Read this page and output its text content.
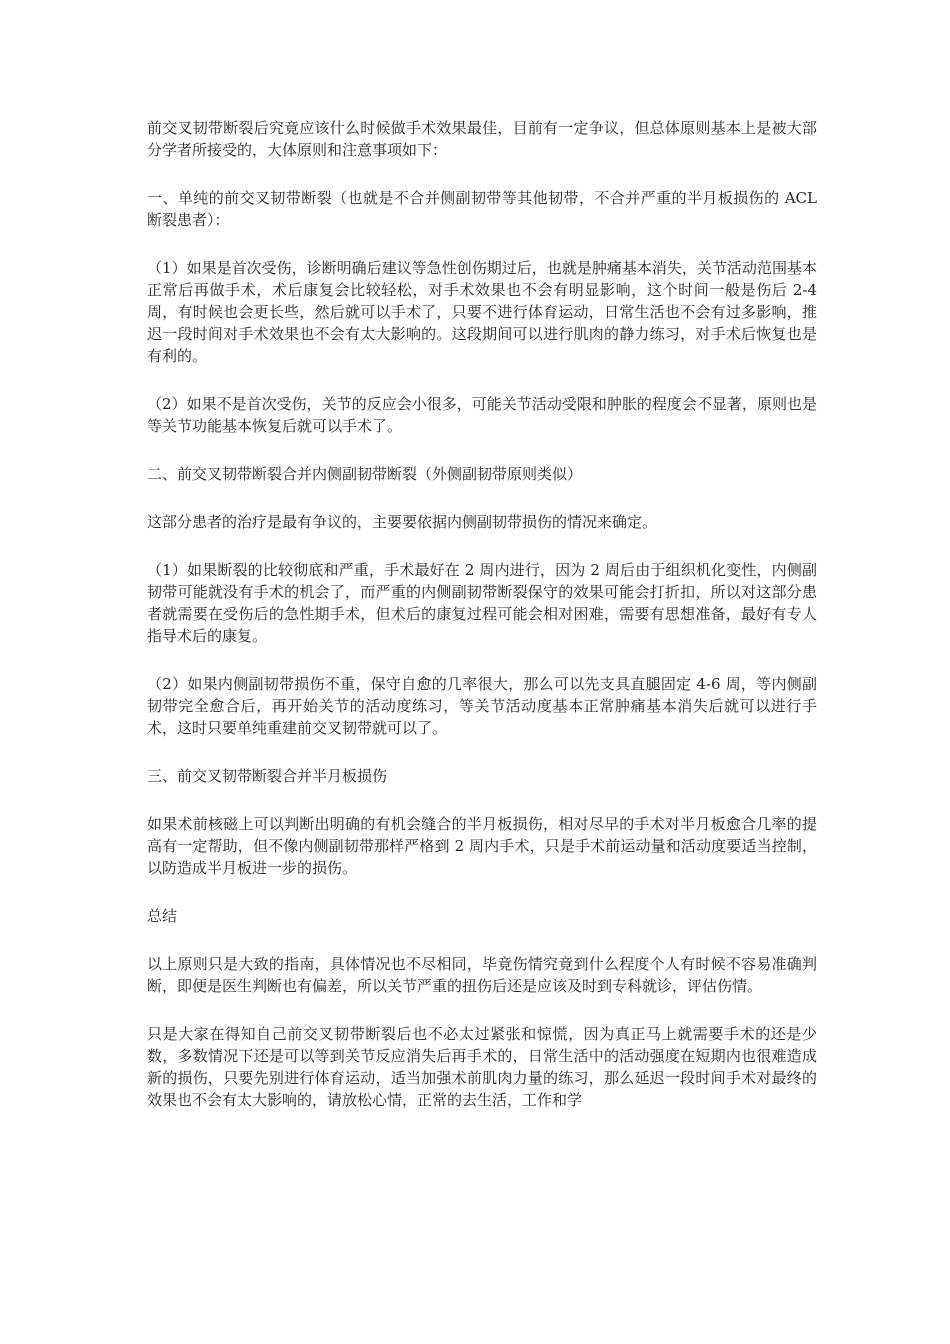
前交叉韧带断裂后究竟应该什么时候做手术效果最佳，目前有一定争议，但总体原则基本上是被大部分学者所接受的，大体原则和注意事项如下：

一、单纯的前交叉韧带断裂（也就是不合并侧副韧带等其他韧带，不合并严重的半月板损伤的 ACL 断裂患者）：

（1）如果是首次受伤，诊断明确后建议等急性创伤期过后，也就是肿痛基本消失，关节活动范围基本正常后再做手术，术后康复会比较轻松，对手术效果也不会有明显影响，这个时间一般是伤后 2-4 周，有时候也会更长些，然后就可以手术了，只要不进行体育运动，日常生活也不会有过多影响，推迟一段时间对手术效果也不会有太大影响的。这段期间可以进行肌肉的静力练习，对手术后恢复也是有利的。

（2）如果不是首次受伤，关节的反应会小很多，可能关节活动受限和肿胀的程度会不显著，原则也是等关节功能基本恢复后就可以手术了。

二、前交叉韧带断裂合并内侧副韧带断裂（外侧副韧带原则类似）

这部分患者的治疗是最有争议的，主要要依据内侧副韧带损伤的情况来确定。

（1）如果断裂的比较彻底和严重，手术最好在 2 周内进行，因为 2 周后由于组织机化变性，内侧副韧带可能就没有手术的机会了，而严重的内侧副韧带断裂保守的效果可能会打折扣，所以对这部分患者就需要在受伤后的急性期手术，但术后的康复过程可能会相对困难，需要有思想准备，最好有专人指导术后的康复。

（2）如果内侧副韧带损伤不重，保守自愈的几率很大，那么可以先支具直腿固定 4-6 周，等内侧副韧带完全愈合后，再开始关节的活动度练习，等关节活动度基本正常肿痛基本消失后就可以进行手术，这时只要单纯重建前交叉韧带就可以了。

三、前交叉韧带断裂合并半月板损伤

如果术前核磁上可以判断出明确的有机会缝合的半月板损伤，相对尽早的手术对半月板愈合几率的提高有一定帮助，但不像内侧副韧带那样严格到 2 周内手术，只是手术前运动量和活动度要适当控制， 以防造成半月板进一步的损伤。

总结

以上原则只是大致的指南，具体情况也不尽相同，毕竟伤情究竟到什么程度个人有时候不容易准确判断，即便是医生判断也有偏差，所以关节严重的扭伤后还是应该及时到专科就诊，评估伤情。

只是大家在得知自己前交叉韧带断裂后也不必太过紧张和惊慌，因为真正马上就需要手术的还是少数，多数情况下还是可以等到关节反应消失后再手术的，日常生活中的活动强度在短期内也很难造成新的损伤，只要先别进行体育运动，适当加强术前肌肉力量的练习，那么延迟一段时间手术对最终的效果也不会有太大影响的，请放松心情，正常的去生活，工作和学
